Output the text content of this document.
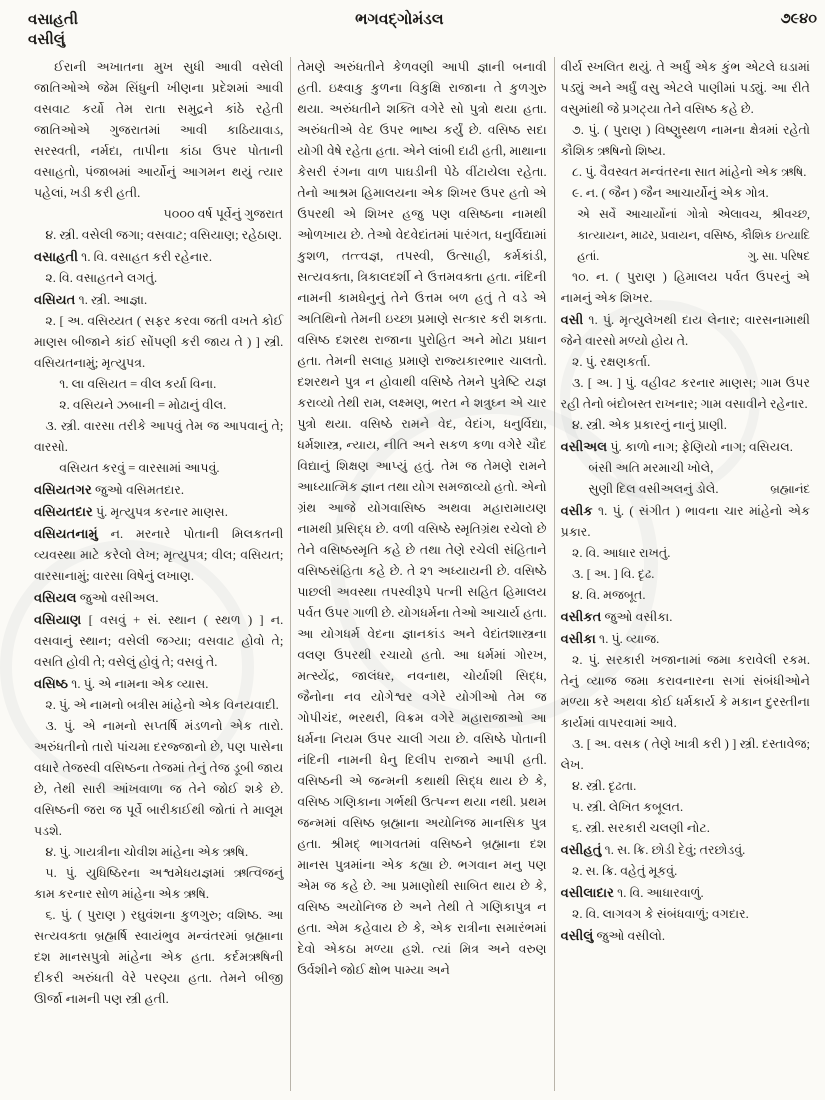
વસાહતી
વસીલું
ભગવદ્ગોમંડલ	૭૯૪૦

ઈરાની અખાતના મુખ સુધી આવી વસેલી જાતિઓએ જેમ સિંધુની ખીણના પ્રદેશમાં આવી વસવાટ કર્યો તેમ રાતા સમુદ્રને કાંઠે રહેતી જાતિઓએ ગુજરાતમાં આવી કાઠિયાવાડ, સરસ્વતી, નર્મદા, તાપીના કાંઠા ઉપર પોતાની વસાહતો, પંજાબમાં આર્યોનું આગમન થયું ત્યાર પહેલાં, ખડી કરી હતી.

૫૦૦૦ વર્ષ પૂર્વેનું ગુજરાત

૪. સ્ત્રી. વસેલી જગા; વસવાટ; વસિયાણ; રહેઠાણ.

વસાહતી ૧. વિ. વસાહત કરી રહેનાર.

૨. વિ. વસાહતને લગતું.

વસિયત ૧. સ્ત્રી. આજ્ઞા.

૨. [ અ. વસિય્યત ( સફર કરવા જતી વખતે કોઈ માણસ બીજાને કાંઈ સોંપણી કરી જાય તે ) ] સ્ત્રી. વસિયતનામું; મૃત્યુપત્ર.

૧. લા વસિયત = વીલ કર્યા વિના.

૨. વસિયને ઝબાની = મોઢાનું વીલ.

૩. સ્ત્રી. વારસા તરીકે આપવું તેમ જ આપવાનું તે; વારસો.

વસિયત કરવું = વારસામાં આપવું.

વસિયતગર જુઓ વસિમતદાર.

વસિયતદાર પું. મૃત્યુપત્ર કરનાર માણસ.

વસિયતનામું ન. મરનારે પોતાની મિલકતની વ્યવસ્થા માટે કરેલો લેખ; મૃત્યુપત્ર; વીલ; વસિયત; વારસાનામું; વારસા વિષેનું લખાણ.

વસિયલ જુઓ વસીઅલ.

વસિયાણ [ વસવું + સં. સ્થાન ( સ્થળ ) ] ન. વસવાનું સ્થાન; વસેલી જગ્યા; વસવાટ હોવો તે; વસતિ હોવી તે; વસેલું હોવું તે; વસવું તે.

વસિષ્ઠ ૧. પું. એ નામના એક વ્યાસ.

૨. પું. એ નામનો બત્રીસ માંહેનો એક વિનયવાદી.

૩. પું. એ નામનો સપ્તર્ષિ મંડળનો એક તારો. અરુંધતીનો તારો પાંચમા દરજ્જાનો છે, પણ પાસેના વધારે તેજસ્વી વસિષ્ઠના તેજમાં તેનું તેજ ડૂબી જાય છે, તેથી સારી આંખવાળા જ તેને જોઈ શકે છે. વસિષ્ઠની જરા જ પૂર્વે બારીકાઈથી જોતાં તે માલૂમ પડશે.

૪. પું. ગાયત્રીના ચોવીશ માંહેના એક ઋષિ.

૫. પું. યુધિષ્ઠિરના અશ્વમેધયજ્ઞમાં ઋત્વિજનું કામ કરનાર સોળ માંહેના એક ઋષિ.

૬. પું. ( પુરાણ ) રઘુવંશના કુળગુરુ; વશિષ્ઠ. આ સત્યવક્તા બ્રહ્મર્ષિ સ્વાયંભુવ મન્વંતરમાં બ્રહ્માના દશ માનસપુત્રો માંહેના એક હતા. કર્દમઋષિની દીકરી અરુંધતી વેરે પરણ્યા હતા. તેમને બીજી ઊર્જા નામની પણ સ્ત્રી હતી.

તેમણે અરુંધતીને કેળવણી આપી જ્ઞાની બનાવી હતી. ઇક્ષ્વાકુ કુળના વિકુક્ષિ રાજાના તે કુળગુરુ થયા. અરુંધતીને શક્તિ વગેરે સો પુત્રો થયા હતા. અરુંધતીએ વેદ ઉપર ભાષ્ય કર્યું છે. વસિષ્ઠ સદા યોગી વેષે રહેતા હતા. એને લાંબી દાઢી હતી, માથાના કેસરી રંગના વાળ પાઘડીની પેઠે વીંટાયેલા રહેતા. તેનો આશ્રમ હિમાલયના એક શિખર ઉપર હતો એ ઉપરથી એ શિખર હજુ પણ વસિષ્ઠના નામથી ઓળખાય છે. તેઓ વેદવેદાંતમાં પારંગત, ધનુર્વિદ્યામાં કુશળ, તત્ત્વજ્ઞ, તપસ્વી, ઉત્સાહી, કર્મકાંડી, સત્યવક્તા, ત્રિકાલદર્શી ને ઉત્તમવક્તા હતા. નંદિની નામની કામધેનુનું તેને ઉત્તમ બળ હતું તે વડે એ અતિથિનો તેમની ઇચ્છા પ્રમાણે સત્કાર કરી શકતા. વસિષ્ઠ દશરથ રાજાના પુરોહિત અને મોટા પ્રધાન હતા. તેમની સલાહ પ્રમાણે રાજ્યકારભાર ચાલતો. દશરથને પુત્ર ન હોવાથી વસિષ્ઠે તેમને પુત્રેષ્ટિ યજ્ઞ કરાવ્યો તેથી રામ, લક્ષ્મણ, ભરત ને શત્રુઘ્ન એ ચાર પુત્રો થયા. વસિષ્ઠે રામને વેદ, વેદાંગ, ધનુર્વિદ્યા, ધર્મશાસ્ત્ર, ન્યાય, નીતિ અને સકળ કળા વગેરે ચૌદ વિદ્યાનું શિક્ષણ આપ્યું હતું. તેમ જ તેમણે રામને આધ્યાત્મિક જ્ઞાન તથા યોગ સમજાવ્યો હતો. એનો ગ્રંથ આજે યોગવાસિષ્ઠ અથવા મહારામાયણ નામથી પ્રસિદ્ધ છે. વળી વસિષ્ઠે સ્મૃતિગ્રંથ રચેલો છે તેને વસિષ્ઠસ્મૃતિ કહે છે તથા તેણે રચેલી સંહિતાને વસિષ્ઠસંહિતા કહે છે. તે ૨૧ અધ્યાયની છે. વસિષ્ઠે પાછલી અવસ્થા તપસ્વીરૂપે પત્ની સહિત હિમાલય પર્વત ઉપર ગાળી છે. યોગધર્મના તેઓ આચાર્ય હતા. આ યોગધર્મ વેદના જ્ઞાનકાંડ અને વેદાંતશાસ્ત્રના વલણ ઉપરથી રચાયો હતો. આ ધર્મમાં ગોરખ, મત્સ્યેંદ્ર, જાલંધર, નવનાથ, ચોર્યાશી સિદ્ધ, જૈનોના નવ યોગેશ્વર વગેરે યોગીઓ તેમ જ ગોપીચંદ, ભરથરી, વિક્રમ વગેરે મહારાજાઓ આ ધર્મના નિયમ ઉપર ચાલી ગયા છે. વસિષ્ઠે પોતાની નંદિની નામની ધેનુ દિલીપ રાજાને આપી હતી. વસિષ્ઠની એ જન્મની કથાથી સિદ્ધ થાય છે કે, વસિષ્ઠ ગણિકાના ગર્ભથી ઉત્પન્ન થયા નથી. પ્રથમ જન્મમાં વસિષ્ઠ બ્રહ્માના અયોનિજ માનસિક પુત્ર હતા. શ્રીમદ્ ભાગવતમાં વસિષ્ઠને બ્રહ્માના દશ માનસ પુત્રમાંના એક કહ્યા છે. ભગવાન મનુ પણ એમ જ કહે છે. આ પ્રમાણોથી સાબિત થાય છે કે, વસિષ્ઠ અયોનિજ છે અને તેથી તે ગણિકાપુત્ર ન હતા. એમ કહેવાય છે કે, એક રાત્રીના સમારંભમાં દેવો એકઠા મળ્યા હશે. ત્યાં મિત્ર અને વરુણ ઉર્વશીને જોઈ ક્ષોભ પામ્યા અને

વીર્ય સ્ખલિત થયું. તે અર્ધું એક કુંભ એટલે ઘડામાં પડ્યું અને અર્ધું વસુ એટલે પાણીમાં પડ્યું. આ રીતે વસુમાંથી જે પ્રગટ્યા તેને વસિષ્ઠ કહે છે.

૭. પું. ( પુરાણ ) વિષ્ણુસ્થળ નામના ક્ષેત્રમાં રહેતો કૌશિક ઋષિનો શિષ્ય.

૮. પું. વૈવસ્વત મન્વંતરના સાત માંહેનો એક ઋષિ.

૯. ન. ( જૈન ) જૈન આચાર્યોનું એક ગોત્ર.

એ સર્વે આચાર્યોનાં ગોત્રો એલાવચ, શ્રીવચ્છ, કાત્યાયન, માઢર, પ્રવાયન, વસિષ્ઠ, કૌશિક ઇત્યાદિ હતાં.	ગુ. સા. પરિષદ

૧૦. ન. ( પુરાણ ) હિમાલય પર્વત ઉપરનું એ નામનું એક શિખર.

વસી ૧. પું. મૃત્યુલેખથી દાય લેનાર; વારસનામાથી જેને વારસો મળ્યો હોય તે.

૨. પું. રક્ષણકર્તા.

૩. [ અ. ] પું. વહીવટ કરનાર માણસ; ગામ ઉપર રહી તેનો બંદોબસ્ત રાખનાર; ગામ વસાવીને રહેનાર.

૪. સ્ત્રી. એક પ્રકારનું નાનું પ્રાણી.

વસીઅલ પું. કાળો નાગ; ફેણિયો નાગ; વસિયલ.

બંસી અતિ મરમાચી ખોલે,

સુણી દિલ વસીઅલનું ડોલે.	બ્રહ્માનંદ

વસીક ૧. પું. ( સંગીત ) ભાવના ચાર માંહેનો એક પ્રકાર.

૨. વિ. આધાર રાખતું.

૩. [ અ. ] વિ. દૃઢ.

૪. વિ. મજબૂત.

વસીકત જુઓ વસીકા.

વસીકા ૧. પું. વ્યાજ.

૨. પું. સરકારી ખજાનામાં જમા કરાવેલી રકમ. તેનું વ્યાજ જમા કરાવનારના સગાં સંબંધીઓને મળ્યા કરે અથવા કોઈ ધર્મકાર્ય કે મકાન દુરસ્તીના કાર્યમાં વાપરવામાં આવે.

૩. [ અ. વસક ( તેણે ખાત્રી કરી ) ] સ્ત્રી. દસ્તાવેજ; લેખ.

૪. સ્ત્રી. દૃઢતા.

૫. સ્ત્રી. લેખિત કબૂલત.

૬. સ્ત્રી. સરકારી ચલણી નોટ.

વસીહતું ૧. સ. ક્રિ. છોડી દેવું; તરછોડવું.

૨. સ. ક્રિ. વહેતું મૂકવું.

વસીલાદાર ૧. વિ. આધારવાળું.

૨. વિ. લાગવગ કે સંબંધવાળું; વગદાર.

વસીલું જુઓ વસીલો.
